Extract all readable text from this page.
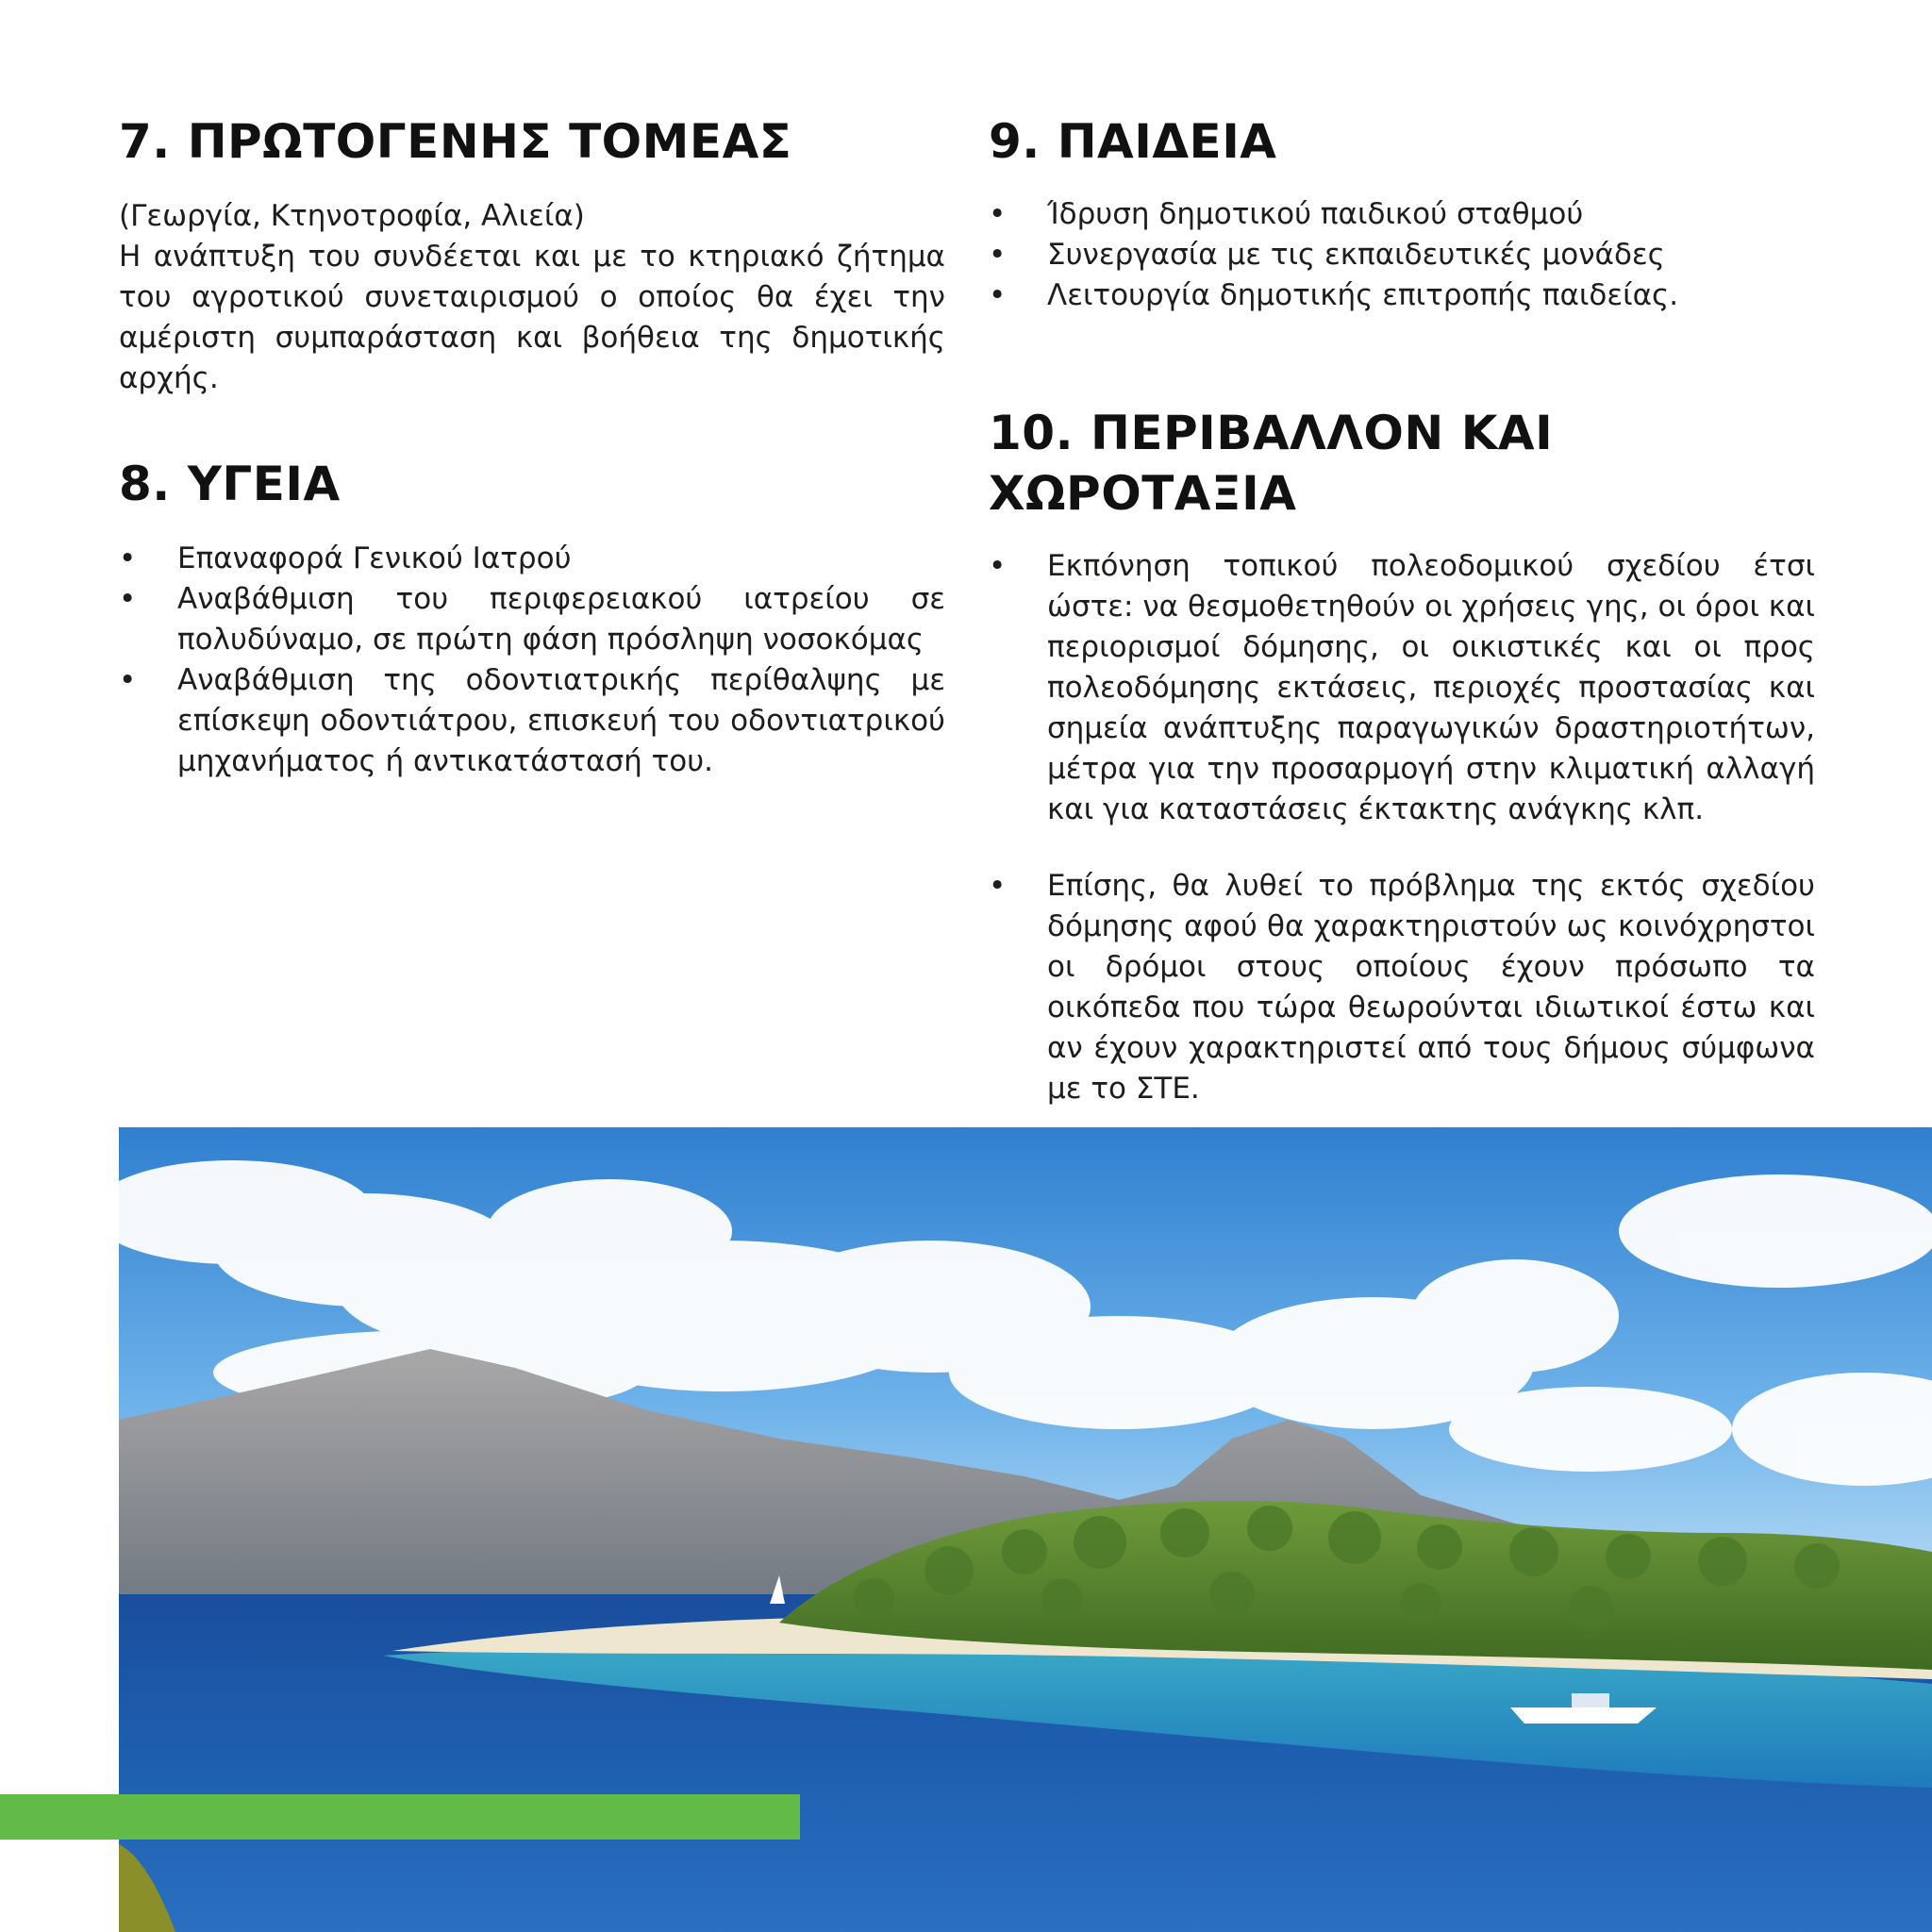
7. ΠΡΩΤΟΓΕΝΗΣ ΤΟΜΕΑΣ

(Γεωργία, Κτηνοτροφία, Αλιεία)

Η ανάπτυξη του συνδέεται και με το κτηριακό ζήτημα του αγροτικού συνεταιρισμού ο οποίος θα έχει την αμέριστη συμπαράσταση και βοήθεια της δημοτικής αρχής.

8. ΥΓΕΙΑ
• Επαναφορά Γενικού Ιατρού
• Αναβάθμιση του περιφερειακού ιατρείου σε πολυδύναμο, σε πρώτη φάση πρόσληψη νοσοκόμας
• Αναβάθμιση της οδοντιατρικής περίθαλψης με επίσκεψη οδοντιάτρου, επισκευή του οδοντιατρικού μηχανήματος ή αντικατάστασή του.
9. ΠΑΙΔΕΙΑ
• Ίδρυση δημοτικού παιδικού σταθμού
• Συνεργασία με τις εκπαιδευτικές μονάδες
• Λειτουργία δημοτικής επιτροπής παιδείας.
10. ΠΕΡΙΒΑΛΛΟΝ ΚΑΙ ΧΩΡΟΤΑΞΙΑ
• Εκπόνηση τοπικού πολεοδομικού σχεδίου έτσι ώστε: να θεσμοθετηθούν οι χρήσεις γης, οι όροι και περιορισμοί δόμησης, οι οικιστικές και οι προς πολεοδόμησης εκτάσεις, περιοχές προστασίας και σημεία ανάπτυξης παραγωγικών δραστηριοτήτων, μέτρα για την προσαρμογή στην κλιματική αλλαγή και για καταστάσεις έκτακτης ανάγκης κλπ.
• Επίσης, θα λυθεί το πρόβλημα της εκτός σχεδίου δόμησης αφού θα χαρακτηριστούν ως κοινόχρηστοι οι δρόμοι στους οποίους έχουν πρόσωπο τα οικόπεδα που τώρα θεωρούνται ιδιωτικοί έστω και αν έχουν χαρακτηριστεί από τους δήμους σύμφωνα με το ΣΤΕ.
